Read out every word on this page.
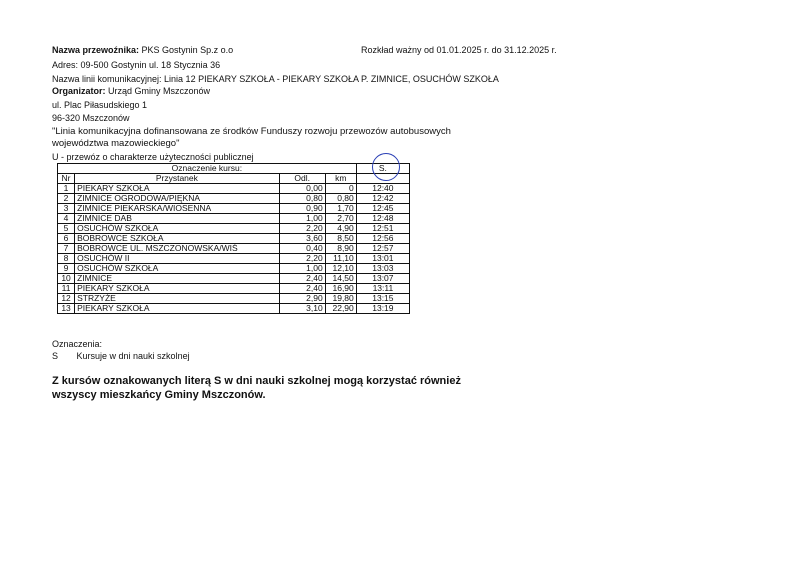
Nazwa przewoźnika: PKS Gostynin Sp.z o.o	Rozkład ważny od 01.01.2025 r. do 31.12.2025 r.
Adres: 09-500 Gostynin ul. 18 Stycznia 36
Nazwa linii komunikacyjnej: Linia 12 PIEKARY SZKOŁA - PIEKARY SZKOŁA P. ZIMNICE, OSUCHÓW SZKOŁA
Organizator: Urząd Gminy Mszczonów
ul. Plac Piłasudskiego 1
96-320 Mszczonów
"Linia komunikacyjna dofinansowana ze środków Funduszy rozwoju przewozów autobusowych
województwa mazowieckiego"
U - przewóz o charakterze użyteczności publicznej
Oznaczenie kursu:				S.
Nr	Przystanek	Odl.	km	
1	PIEKARY SZKOŁA	0,00	0	12:40
2	ZIMNICE OGRODOWA/PIĘKNA	0,80	0,80	12:42
3	ZIMNICE PIEKARSKA/WIOSENNA	0,90	1,70	12:45
4	ZIMNICE DAB	1,00	2,70	12:48
5	OSUCHÓW SZKOŁA	2,20	4,90	12:51
6	BOBROWCE SZKOŁA	3,60	8,50	12:56
7	BOBROWCE UL. MSZCZONOWSKA/WIŚ	0,40	8,90	12:57
8	OSUCHÓW II	2,20	11,10	13:01
9	OSUCHÓW SZKOŁA	1,00	12,10	13:03
10	ZIMNICE	2,40	14,50	13:07
11	PIEKARY SZKOŁA	2,40	16,90	13:11
12	STRZYŻE	2,90	19,80	13:15
13	PIEKARY SZKOŁA	3,10	22,90	13:19
Oznaczenia:
S Kursuje w dni nauki szkolnej
Z kursów oznakowanych literą S w dni nauki szkolnej mogą korzystać również
wszyscy mieszkańcy Gminy Mszczonów.
